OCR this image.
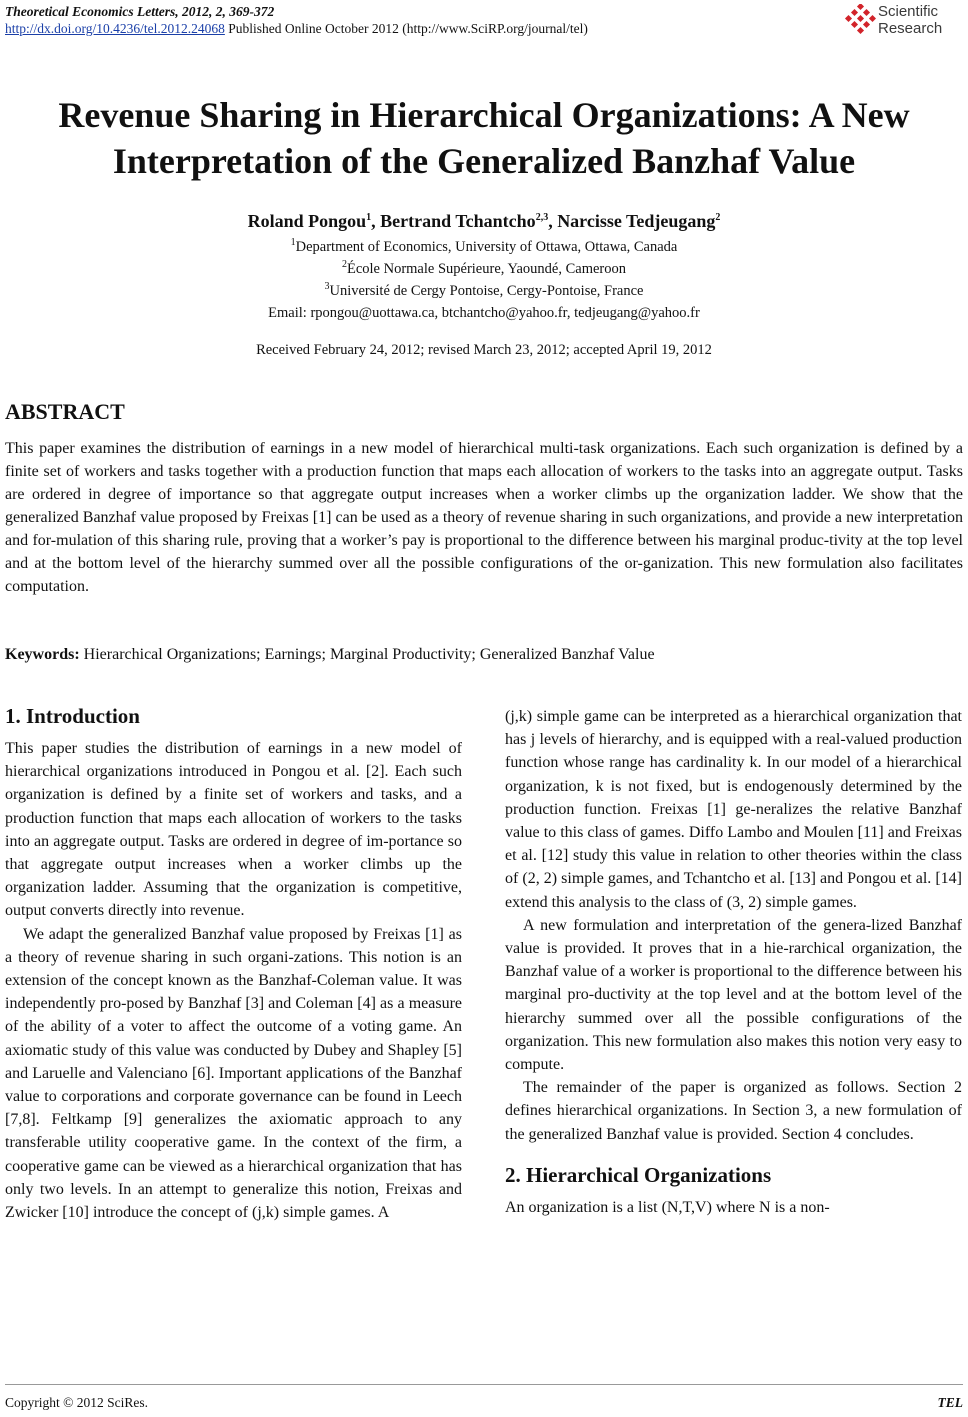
Theoretical Economics Letters, 2012, 2, 369-372
http://dx.doi.org/10.4236/tel.2012.24068 Published Online October 2012 (http://www.SciRP.org/journal/tel)
Scientific
Research
Revenue Sharing in Hierarchical Organizations: A New
Interpretation of the Generalized Banzhaf Value
Roland Pongou$^1$, Bertrand Tchantcho$^{2,3}$, Narcisse Tedjeugang$^2$
$^1$Department of Economics, University of Ottawa, Ottawa, Canada
$^2$École Normale Supérieure, Yaoundé, Cameroon
$^3$Université de Cergy Pontoise, Cergy-Pontoise, France
Email: rpongou@uottawa.ca, btchantcho@yahoo.fr, tedjeugang@yahoo.fr
Received February 24, 2012; revised March 23, 2012; accepted April 19, 2012
ABSTRACT

This paper examines the distribution of earnings in a new model of hierarchical multi-task organizations. Each such organization is defined by a finite set of workers and tasks together with a production function that maps each allocation of workers to the tasks into an aggregate output. Tasks are ordered in degree of importance so that aggregate output increases when a worker climbs up the organization ladder. We show that the generalized Banzhaf value proposed by Freixas [1] can be used as a theory of revenue sharing in such organizations, and provide a new interpretation and for-mulation of this sharing rule, proving that a worker’s pay is proportional to the difference between his marginal produc-tivity at the top level and at the bottom level of the hierarchy summed over all the possible configurations of the or-ganization. This new formulation also facilitates computation.

Keywords: Hierarchical Organizations; Earnings; Marginal Productivity; Generalized Banzhaf Value
1. Introduction

This paper studies the distribution of earnings in a new model of hierarchical organizations introduced in Pongou et al. [2]. Each such organization is defined by a finite set of workers and tasks, and a production function that maps each allocation of workers to the tasks into an aggregate output. Tasks are ordered in degree of im-portance so that aggregate output increases when a worker climbs up the organization ladder. Assuming that the organization is competitive, output converts directly into revenue.

We adapt the generalized Banzhaf value proposed by Freixas [1] as a theory of revenue sharing in such organi-zations. This notion is an extension of the concept known as the Banzhaf-Coleman value. It was independently pro-posed by Banzhaf [3] and Coleman [4] as a measure of the ability of a voter to affect the outcome of a voting game. An axiomatic study of this value was conducted by Dubey and Shapley [5] and Laruelle and Valenciano [6]. Important applications of the Banzhaf value to corporations and corporate governance can be found in Leech [7,8]. Feltkamp [9] generalizes the axiomatic approach to any transferable utility cooperative game. In the context of the firm, a cooperative game can be viewed as a hierarchical organization that has only two levels. In an attempt to generalize this notion, Freixas and Zwicker [10] introduce the concept of (j,k) simple games. A

(j,k) simple game can be interpreted as a hierarchical organization that has j levels of hierarchy, and is equipped with a real-valued production function whose range has cardinality k. In our model of a hierarchical organization, k is not fixed, but is endogenously determined by the production function. Freixas [1] ge-neralizes the relative Banzhaf value to this class of games. Diffo Lambo and Moulen [11] and Freixas et al. [12] study this value in relation to other theories within the class of (2, 2) simple games, and Tchantcho et al. [13] and Pongou et al. [14] extend this analysis to the class of (3, 2) simple games.

A new formulation and interpretation of the genera-lized Banzhaf value is provided. It proves that in a hie-rarchical organization, the Banzhaf value of a worker is proportional to the difference between his marginal pro-ductivity at the top level and at the bottom level of the hierarchy summed over all the possible configurations of the organization. This new formulation also makes this notion very easy to compute.

The remainder of the paper is organized as follows. Section 2 defines hierarchical organizations. In Section 3, a new formulation of the generalized Banzhaf value is provided. Section 4 concludes.

2. Hierarchical Organizations

An organization is a list (N,T,V) where N is a non-

Copyright © 2012 SciRes.	TEL
